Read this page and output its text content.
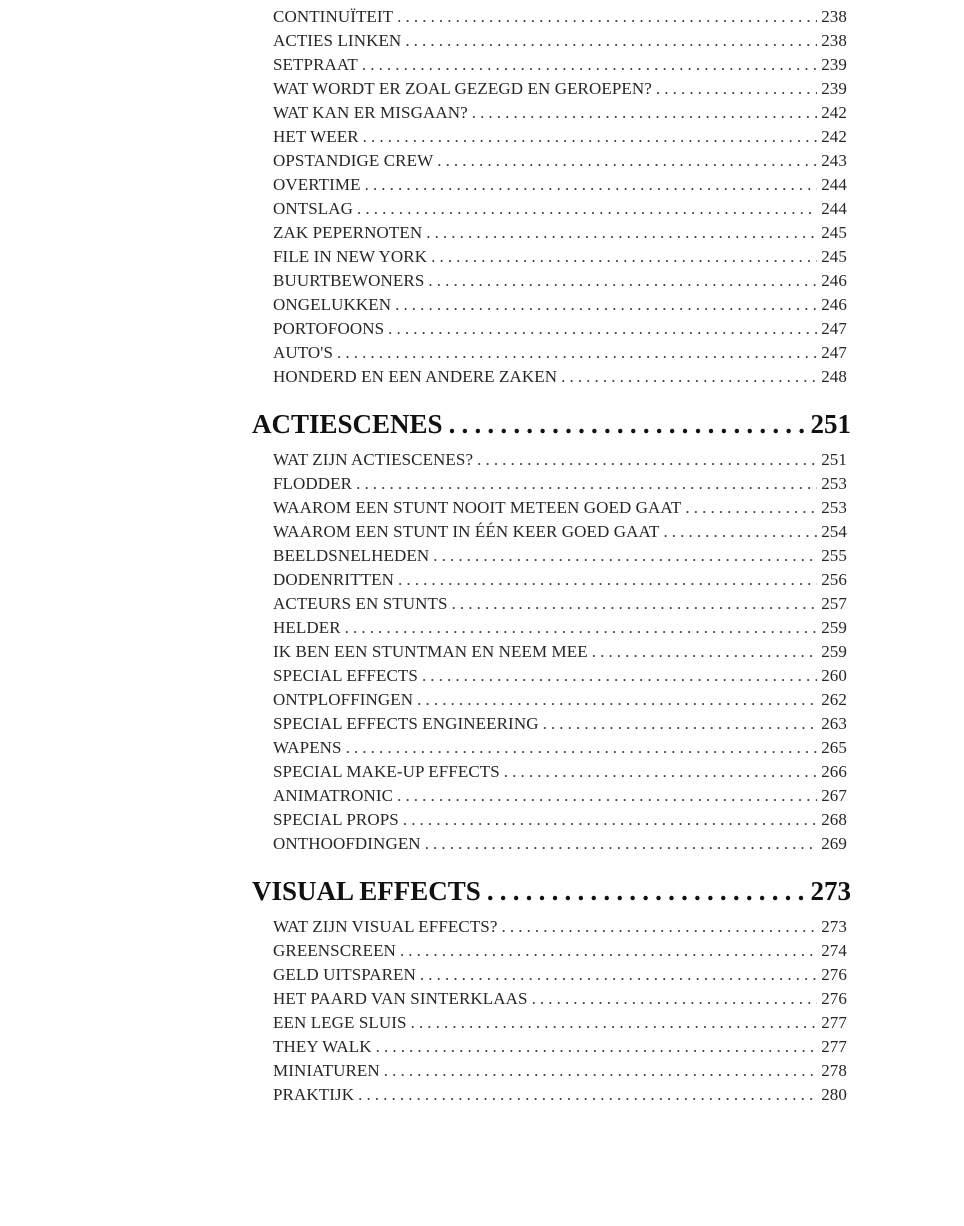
CONTINUÏTEIT .....	238
ACTIES LINKEN .....	238
SETPRAAT .....	239
WAT WORDT ER ZOAL GEZEGD EN GEROEPEN? .....	239
WAT KAN ER MISGAAN? .....	242
HET WEER .....	242
OPSTANDIGE CREW .....	243
OVERTIME .....	244
ONTSLAG .....	244
ZAK PEPERNOTEN .....	245
FILE IN NEW YORK .....	245
BUURTBEWONERS .....	246
ONGELUKKEN .....	246
PORTOFOONS .....	247
AUTO'S .....	247
HONDERD EN EEN ANDERE ZAKEN .....	248
ACTIESCENES .....	251
WAT ZIJN ACTIESCENES? .....	251
FLODDER .....	253
WAAROM EEN STUNT NOOIT METEEN GOED GAAT .....	253
WAAROM EEN STUNT IN ÉÉN KEER GOED GAAT .....	254
BEELDSNELHEDEN .....	255
DODENRITTEN .....	256
ACTEURS EN STUNTS .....	257
HELDER .....	259
IK BEN EEN STUNTMAN EN NEEM MEE .....	259
SPECIAL EFFECTS .....	260
ONTPLOFFINGEN .....	262
SPECIAL EFFECTS ENGINEERING .....	263
WAPENS .....	265
SPECIAL MAKE-UP EFFECTS .....	266
ANIMATRONIC .....	267
SPECIAL PROPS .....	268
ONTHOOFDINGEN .....	269
VISUAL EFFECTS .....	273
WAT ZIJN VISUAL EFFECTS? .....	273
GREENSCREEN .....	274
GELD UITSPAREN .....	276
HET PAARD VAN SINTERKLAAS .....	276
EEN LEGE SLUIS .....	277
THEY WALK .....	277
MINIATUREN .....	278
PRAKTIJK .....	280
